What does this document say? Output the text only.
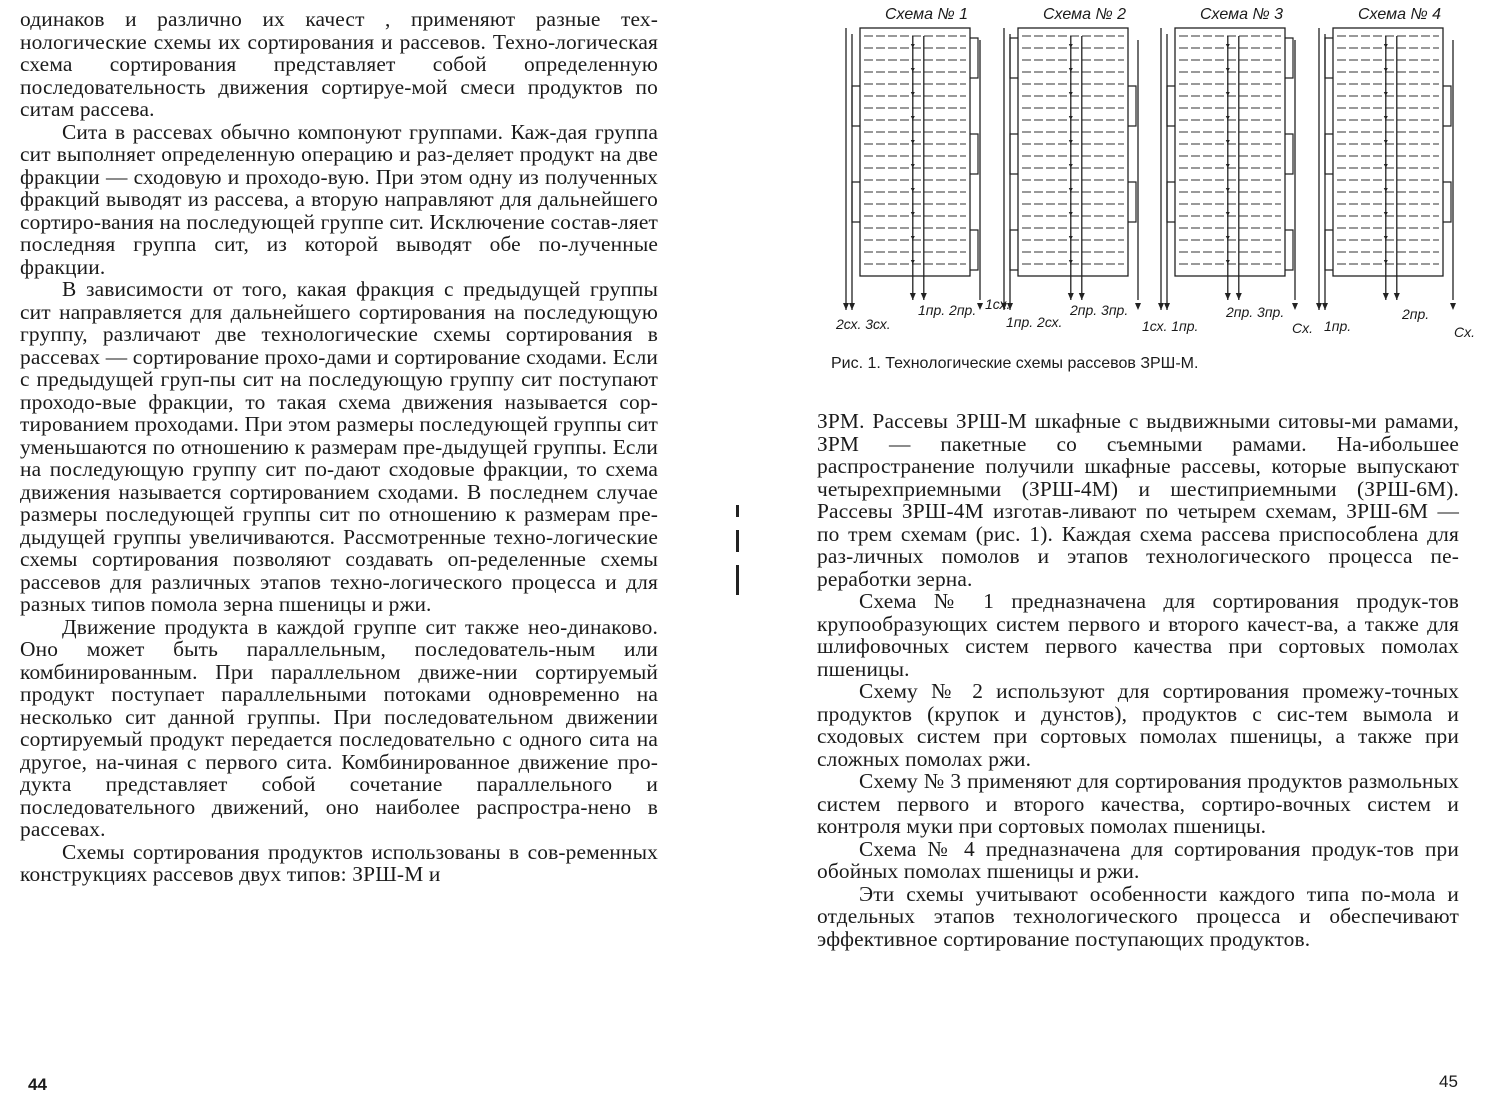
одинаков и различно их качест , применяют разные тех-нологические схемы их сортирования и рассевов. Техно-логическая схема сортирования представляет собой определенную последовательность движения сортируе-мой смеси продуктов по ситам рассева.

Сита в рассевах обычно компонуют группами. Каж-дая группа сит выполняет определенную операцию и раз-деляет продукт на две фракции — сходовую и проходо-вую. При этом одну из полученных фракций выводят из рассева, а вторую направляют для дальнейшего сортиро-вания на последующей группе сит. Исключение состав-ляет последняя группа сит, из которой выводят обе по-лученные фракции.

В зависимости от того, какая фракция с предыдущей группы сит направляется для дальнейшего сортирования на последующую группу, различают две технологические схемы сортирования в рассевах — сортирование прохо-дами и сортирование сходами. Если с предыдущей груп-пы сит на последующую группу сит поступают проходо-вые фракции, то такая схема движения называется сор-тированием проходами. При этом размеры последующей группы сит уменьшаются по отношению к размерам пре-дыдущей группы. Если на последующую группу сит по-дают сходовые фракции, то схема движения называется сортированием сходами. В последнем случае размеры последующей группы сит по отношению к размерам пре-дыдущей группы увеличиваются. Рассмотренные техно-логические схемы сортирования позволяют создавать оп-ределенные схемы рассевов для различных этапов техно-логического процесса и для разных типов помола зерна пшеницы и ржи.

Движение продукта в каждой группе сит также нео-динаково. Оно может быть параллельным, последователь-ным или комбинированным. При параллельном движе-нии сортируемый продукт поступает параллельными потоками одновременно на несколько сит данной группы. При последовательном движении сортируемый продукт передается последовательно с одного сита на другое, на-чиная с первого сита. Комбинированное движение про-дукта представляет собой сочетание параллельного и последовательного движений, оно наиболее распростра-нено в рассевах.

Схемы сортирования продуктов использованы в сов-ременных конструкциях рассевов двух типов: ЗРШ-М и

44
Схема № 1	Схема № 2	Схема № 3	Схема № 4
2сх. 3сх.
1пр. 2пр. 1сх.
1пр. 2сх.
2пр. 3пр.
1сх. 1пр.
2пр. 3пр.
Сх. 1пр.
2пр.
Сх.
Рис. 1. Технологические схемы рассевов ЗРШ-М.

ЗРМ. Рассевы ЗРШ-М шкафные с выдвижными ситовы-ми рамами, ЗРМ — пакетные со съемными рамами. На-ибольшее распространение получили шкафные рассевы, которые выпускают четырехприемными (ЗРШ-4М) и шестиприемными (ЗРШ-6М). Рассевы ЗРШ-4М изготав-ливают по четырем схемам, ЗРШ-6М — по трем схемам (рис. 1). Каждая схема рассева приспособлена для раз-личных помолов и этапов технологического процесса пе-реработки зерна.

Схема № 1 предназначена для сортирования продук-тов крупообразующих систем первого и второго качест-ва, а также для шлифовочных систем первого качества при сортовых помолах пшеницы.

Схему № 2 используют для сортирования промежу-точных продуктов (крупок и дунстов), продуктов с сис-тем вымола и сходовых систем при сортовых помолах пшеницы, а также при сложных помолах ржи.

Схему № 3 применяют для сортирования продуктов размольных систем первого и второго качества, сортиро-вочных систем и контроля муки при сортовых помолах пшеницы.

Схема № 4 предназначена для сортирования продук-тов при обойных помолах пшеницы и ржи.

Эти схемы учитывают особенности каждого типа по-мола и отдельных этапов технологического процесса и обеспечивают эффективное сортирование поступающих продуктов.

45
